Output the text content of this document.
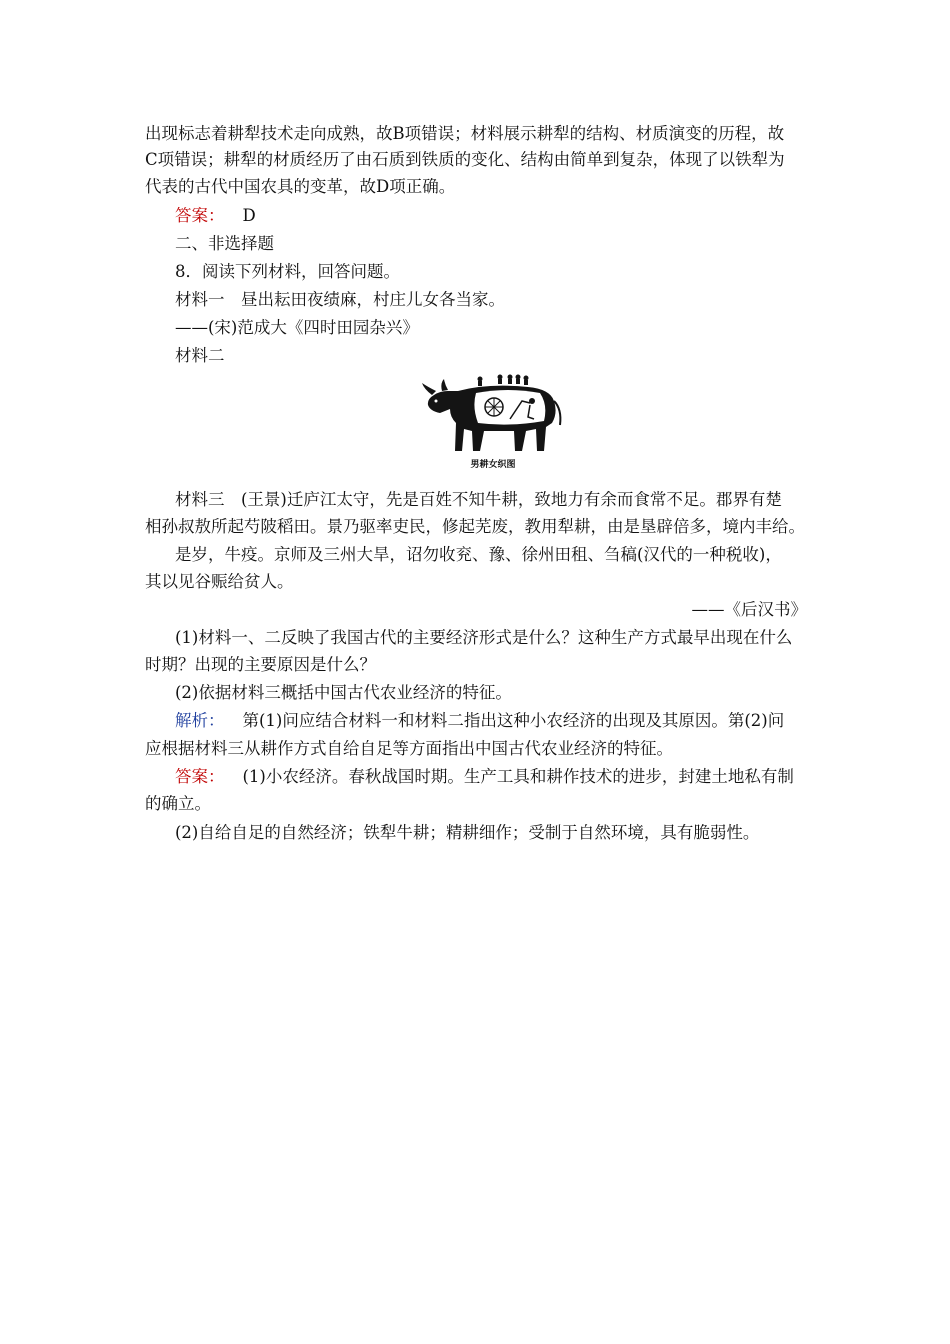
出现标志着耕犁技术走向成熟，故B项错误；材料展示耕犁的结构、材质演变的历程，故
C项错误；耕犁的材质经历了由石质到铁质的变化、结构由简单到复杂，体现了以铁犁为
代表的古代中国农具的变革，故D项正确。
答案： D
二、非选择题
8．阅读下列材料，回答问题。
材料一　昼出耘田夜绩麻，村庄儿女各当家。
——(宋)范成大《四时田园杂兴》
材料二
男耕女织图
材料三　(王景)迁庐江太守，先是百姓不知牛耕，致地力有余而食常不足。郡界有楚
相孙叔敖所起芍陂稻田。景乃驱率吏民，修起芜废，教用犁耕，由是垦辟倍多，境内丰给。
是岁，牛疫。京师及三州大旱，诏勿收兖、豫、徐州田租、刍稿(汉代的一种税收)，
其以见谷赈给贫人。
——《后汉书》
(1)材料一、二反映了我国古代的主要经济形式是什么？这种生产方式最早出现在什么
时期？出现的主要原因是什么？
(2)依据材料三概括中国古代农业经济的特征。
解析： 第(1)问应结合材料一和材料二指出这种小农经济的出现及其原因。第(2)问
应根据材料三从耕作方式自给自足等方面指出中国古代农业经济的特征。
答案： (1)小农经济。春秋战国时期。生产工具和耕作技术的进步，封建土地私有制
的确立。
(2)自给自足的自然经济；铁犁牛耕；精耕细作；受制于自然环境，具有脆弱性。
